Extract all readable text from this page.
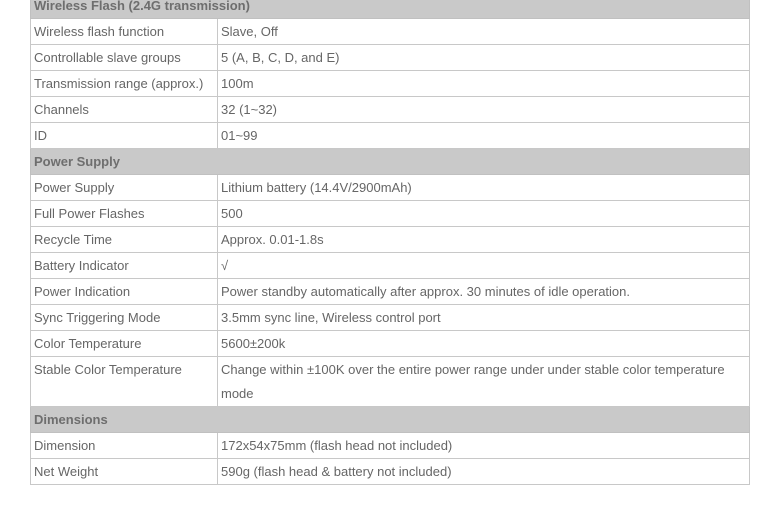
Wireless Flash (2.4G transmission)	
Wireless flash function	Slave, Off
Controllable slave groups	5 (A, B, C, D, and E)
Transmission range (approx.)	100m
Channels	32 (1~32)
ID	01~99
Power Supply	
Power Supply	Lithium battery (14.4V/2900mAh)
Full Power Flashes	500
Recycle Time	Approx. 0.01-1.8s
Battery Indicator	√
Power Indication	Power standby automatically after approx. 30 minutes of idle operation.
Sync Triggering Mode	3.5mm sync line, Wireless control port
Color Temperature	5600±200k
Stable Color Temperature	Change within ±100K over the entire power range under under stable color temperature mode
Dimensions	
Dimension	172x54x75mm (flash head not included)
Net Weight	590g (flash head & battery not included)
